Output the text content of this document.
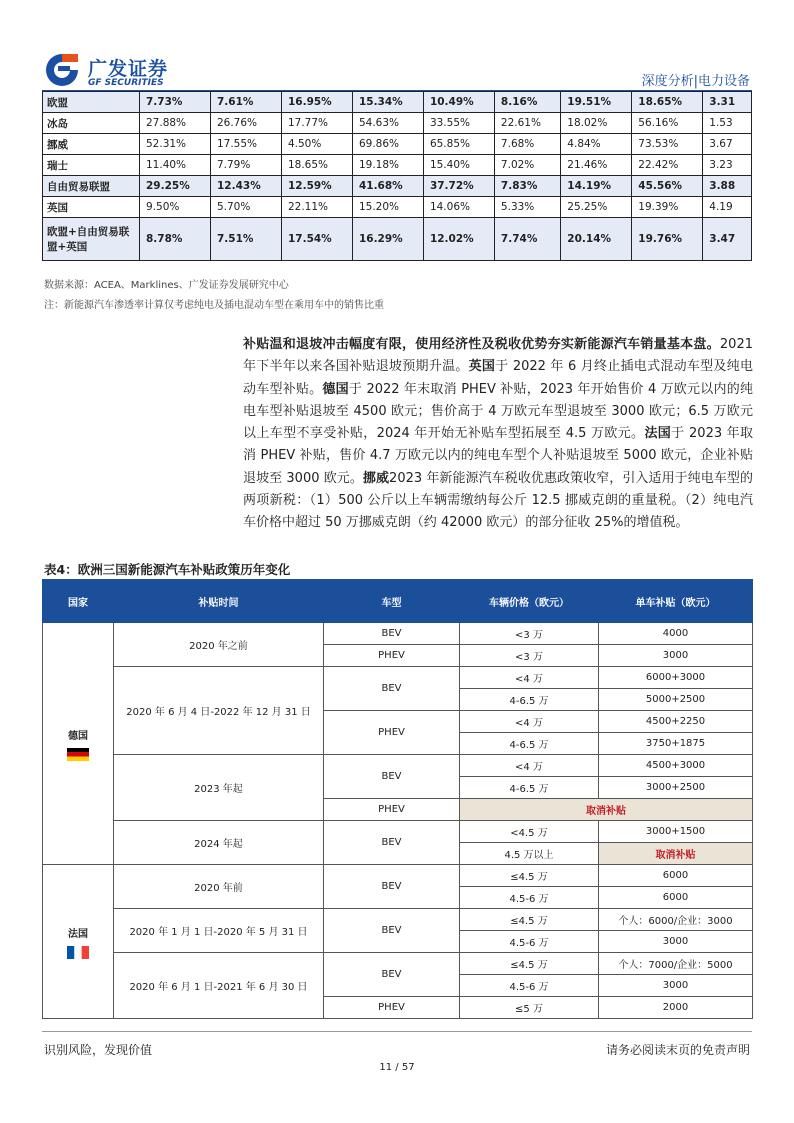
广发证券
GF SECURITIES	深度分析|电力设备
欧盟	7.73%	7.61%	16.95%	15.34%	10.49%	8.16%	19.51%	18.65%	3.31
冰岛	27.88%	26.76%	17.77%	54.63%	33.55%	22.61%	18.02%	56.16%	1.53
挪威	52.31%	17.55%	4.50%	69.86%	65.85%	7.68%	4.84%	73.53%	3.67
瑞士	11.40%	7.79%	18.65%	19.18%	15.40%	7.02%	21.46%	22.42%	3.23
自由贸易联盟	29.25%	12.43%	12.59%	41.68%	37.72%	7.83%	14.19%	45.56%	3.88
英国	9.50%	5.70%	22.11%	15.20%	14.06%	5.33%	25.25%	19.39%	4.19
欧盟+自由贸易联盟+英国	8.78%	7.51%	17.54%	16.29%	12.02%	7.74%	20.14%	19.76%	3.47
数据来源：ACEA、Marklines、广发证券发展研究中心
注：新能源汽车渗透率计算仅考虑纯电及插电混动车型在乘用车中的销售比重
补贴温和退坡冲击幅度有限，使用经济性及税收优势夯实新能源汽车销量基本盘。2021 年下半年以来各国补贴退坡预期升温。英国于 2022 年 6 月终止插电式混动车型及纯电动车型补贴。德国于 2022 年末取消 PHEV 补贴，2023 年开始售价 4 万欧元以内的纯电车型补贴退坡至 4500 欧元；售价高于 4 万欧元车型退坡至 3000 欧元；6.5 万欧元以上车型不享受补贴，2024 年开始无补贴车型拓展至 4.5 万欧元。法国于 2023 年取消 PHEV 补贴，售价 4.7 万欧元以内的纯电车型个人补贴退坡至 5000 欧元，企业补贴退坡至 3000 欧元。挪威2023 年新能源汽车税收优惠政策收窄，引入适用于纯电车型的两项新税：（1）500 公斤以上车辆需缴纳每公斤 12.5 挪威克朗的重量税。（2）纯电汽车价格中超过 50 万挪威克朗（约 42000 欧元）的部分征收 25%的增值税。
表4：欧洲三国新能源汽车补贴政策历年变化
国家	补贴时间	车型	车辆价格（欧元）	单车补贴（欧元）
德国	2020 年之前	BEV	<3 万	4000
		PHEV	<3 万	3000
	2020 年 6 月 4 日-2022 年 12 月 31 日	BEV	<4 万	6000+3000
			4-6.5 万	5000+2500
		PHEV	<4 万	4500+2250
			4-6.5 万	3750+1875
	2023 年起	BEV	<4 万	4500+3000
			4-6.5 万	3000+2500
		PHEV	取消补贴	
	2024 年起	BEV	<4.5 万	3000+1500
			4.5 万以上	取消补贴

法国	2020 年前	BEV	≤4.5 万	6000
			4.5-6 万	6000
	2020 年 1 月 1 日-2020 年 5 月 31 日	BEV	≤4.5 万	个人：6000/企业：3000
			4.5-6 万	3000
	2020 年 6 月 1 日-2021 年 6 月 30 日	BEV	≤4.5 万	个人：7000/企业：5000
			4.5-6 万	3000
		PHEV	≤5 万	2000
识别风险，发现价值
11 / 57
请务必阅读末页的免责声明
